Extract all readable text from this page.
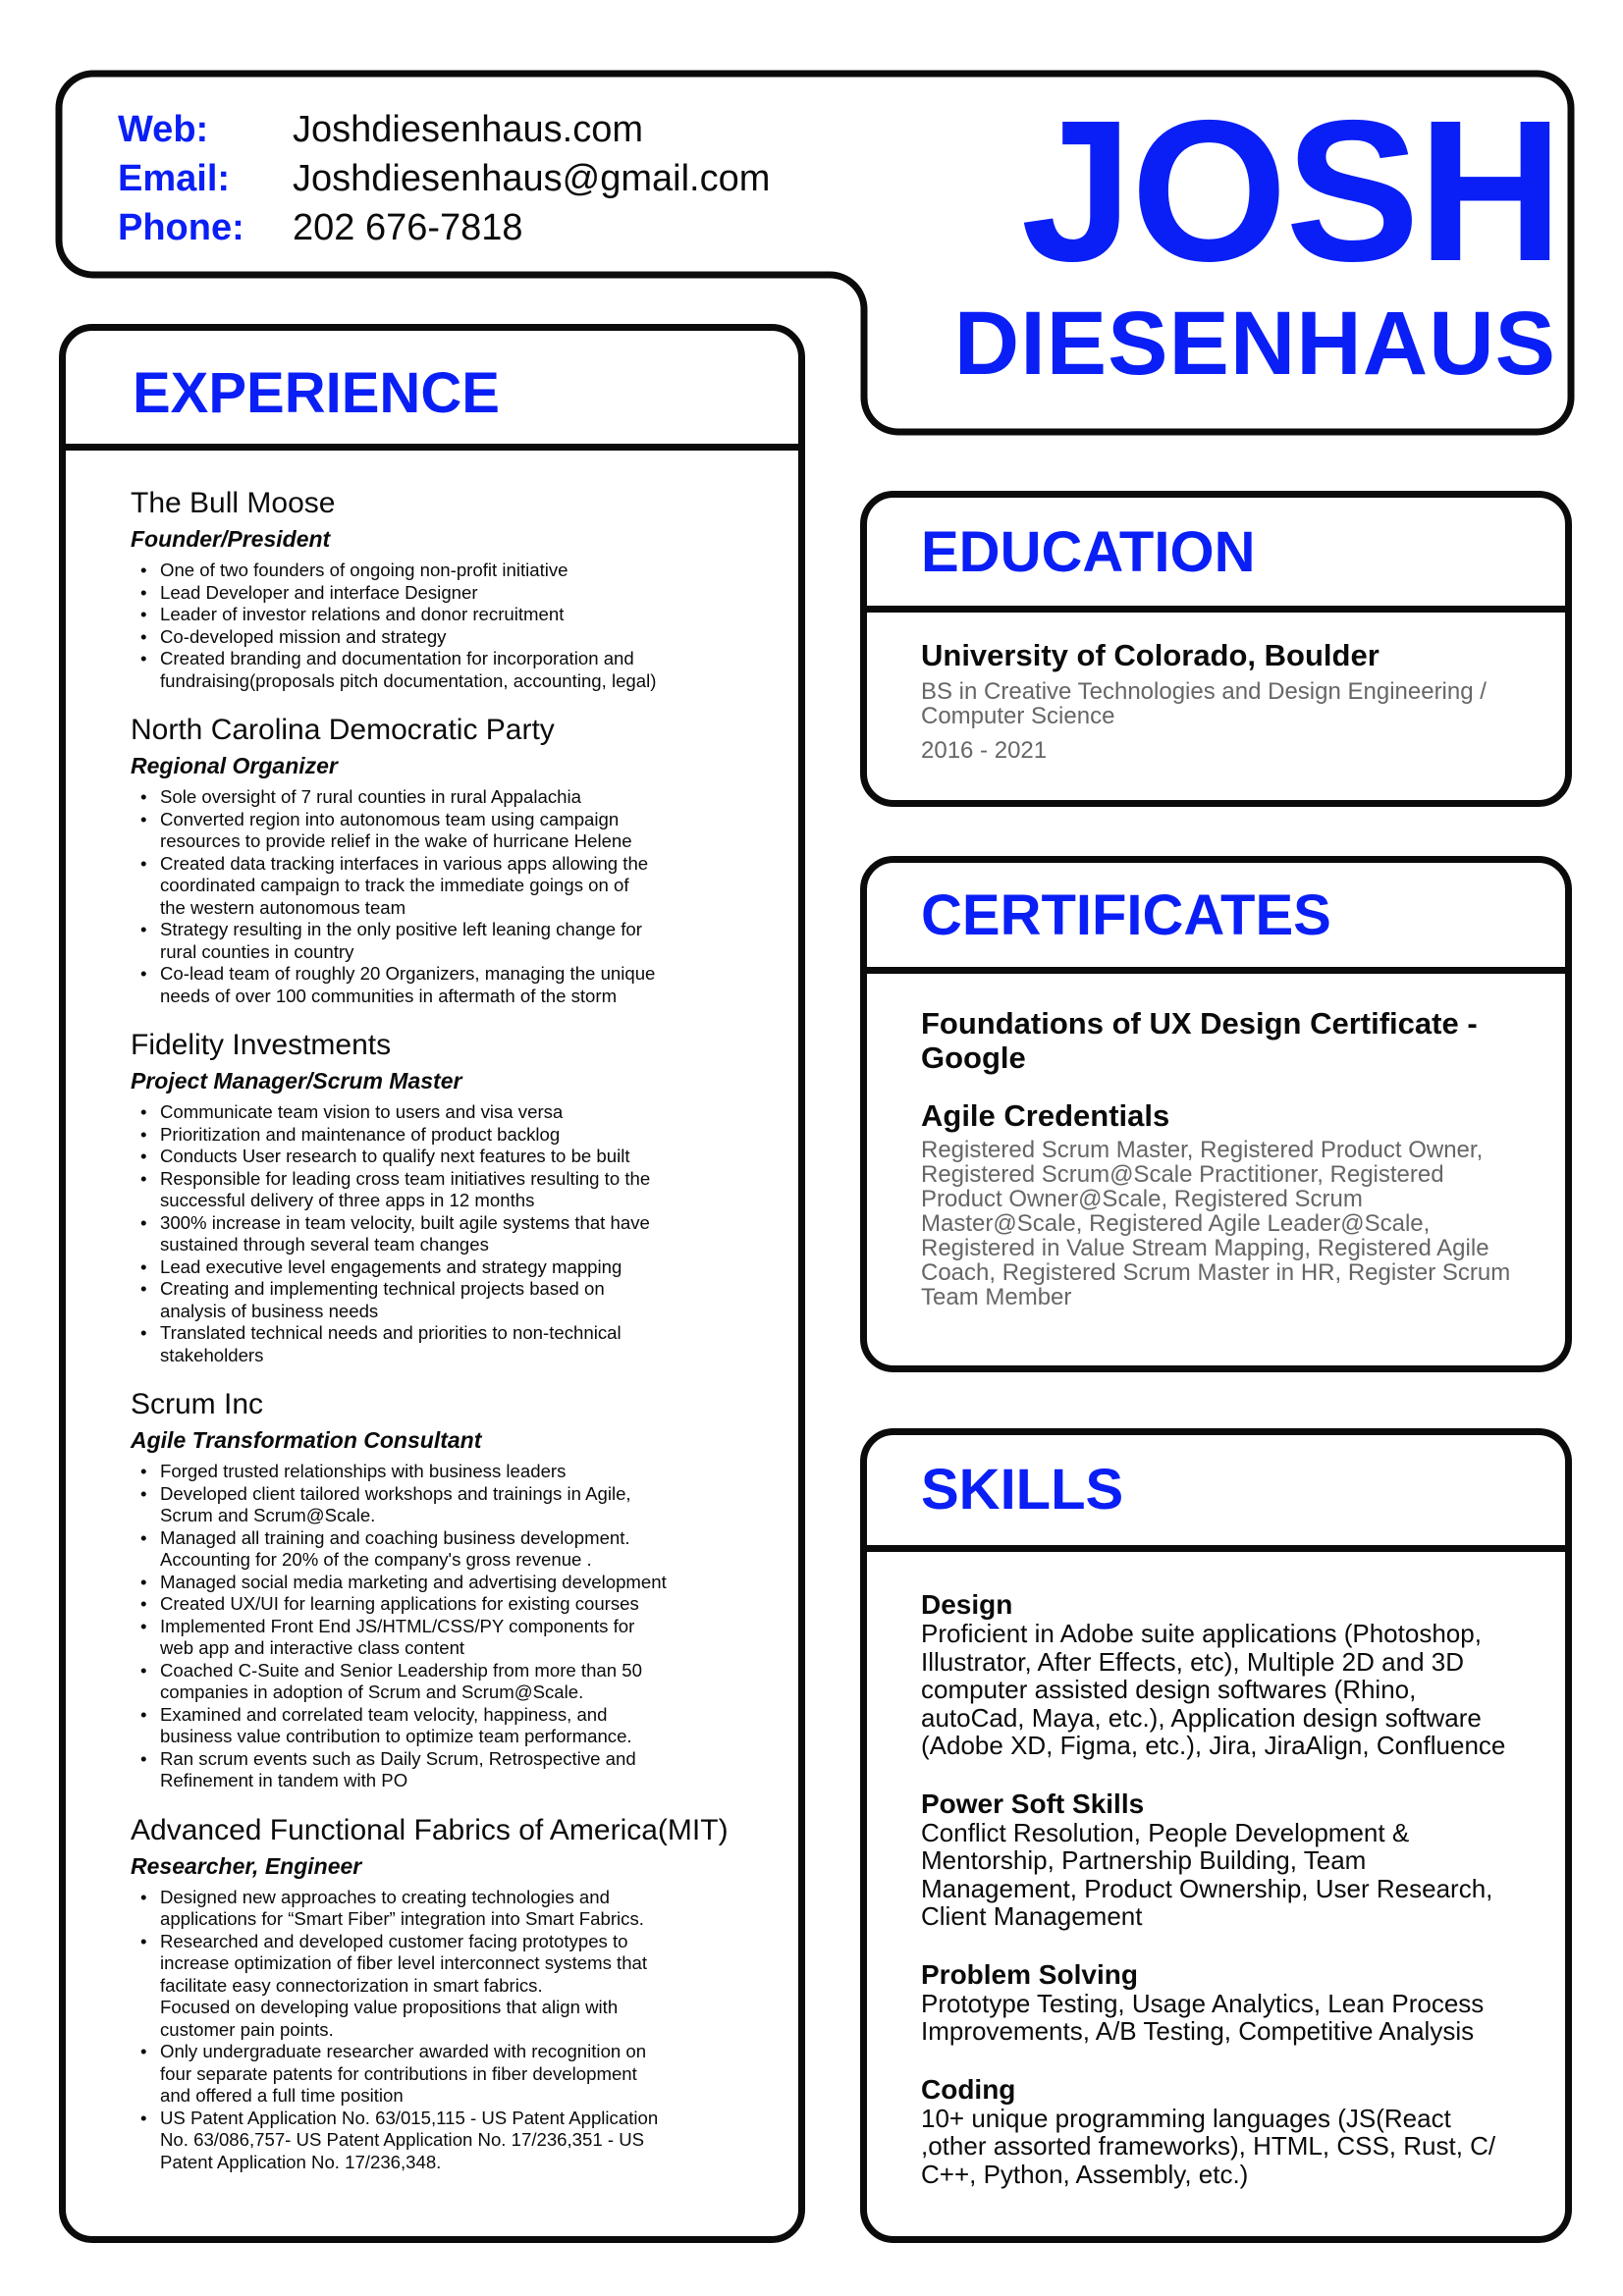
Web:	Joshdiesenhaus.com
Email:	Joshdiesenhaus@gmail.com
Phone:	202 676-7818 JOSH
DIESENHAUS
EXPERIENCE
The Bull Moose
Founder/President
• One of two founders of ongoing non-profit initiative
• Lead Developer and interface Designer
• Leader of investor relations and donor recruitment
• Co-developed mission and strategy
• Created branding and documentation for incorporation and
fundraising(proposals pitch documentation, accounting, legal)
North Carolina Democratic Party
Regional Organizer
• Sole oversight of 7 rural counties in rural Appalachia
• Converted region into autonomous team using campaign
resources to provide relief in the wake of hurricane Helene
• Created data tracking interfaces in various apps allowing the
coordinated campaign to track the immediate goings on of
the western autonomous team
• Strategy resulting in the only positive left leaning change for
rural counties in country
• Co-lead team of roughly 20 Organizers, managing the unique
needs of over 100 communities in aftermath of the storm
Fidelity Investments
Project Manager/Scrum Master
• Communicate team vision to users and visa versa
• Prioritization and maintenance of product backlog
• Conducts User research to qualify next features to be built
• Responsible for leading cross team initiatives resulting to the
successful delivery of three apps in 12 months
• 300% increase in team velocity, built agile systems that have
sustained through several team changes
• Lead executive level engagements and strategy mapping
• Creating and implementing technical projects based on
analysis of business needs
• Translated technical needs and priorities to non-technical
stakeholders
Scrum Inc
Agile Transformation Consultant
• Forged trusted relationships with business leaders
• Developed client tailored workshops and trainings in Agile,
Scrum and Scrum@Scale.
• Managed all training and coaching business development.
Accounting for 20% of the company's gross revenue .
• Managed social media marketing and advertising development
• Created UX/UI for learning applications for existing courses
• Implemented Front End JS/HTML/CSS/PY components for
web app and interactive class content
• Coached C-Suite and Senior Leadership from more than 50
companies in adoption of Scrum and Scrum@Scale.
• Examined and correlated team velocity, happiness, and
business value contribution to optimize team performance.
• Ran scrum events such as Daily Scrum, Retrospective and
Refinement in tandem with PO
Advanced Functional Fabrics of America(MIT)
Researcher, Engineer
• Designed new approaches to creating technologies and
applications for “Smart Fiber” integration into Smart Fabrics.
• Researched and developed customer facing prototypes to
increase optimization of fiber level interconnect systems that
facilitate easy connectorization in smart fabrics.
Focused on developing value propositions that align with
customer pain points.
• Only undergraduate researcher awarded with recognition on
four separate patents for contributions in fiber development
and offered a full time position
• US Patent Application No. 63/015,115 - US Patent Application
No. 63/086,757- US Patent Application No. 17/236,351 - US
Patent Application No. 17/236,348.
EDUCATION
University of Colorado, Boulder
BS in Creative Technologies and Design Engineering /
Computer Science
2016 - 2021
CERTIFICATES
Foundations of UX Design Certificate -
Google
Agile Credentials
Registered Scrum Master, Registered Product Owner,
Registered Scrum@Scale Practitioner, Registered
Product Owner@Scale, Registered Scrum
Master@Scale, Registered Agile Leader@Scale,
Registered in Value Stream Mapping, Registered Agile
Coach, Registered Scrum Master in HR, Register Scrum
Team Member
SKILLS
Design
Proficient in Adobe suite applications (Photoshop,
Illustrator, After Effects, etc), Multiple 2D and 3D
computer assisted design softwares (Rhino,
autoCad, Maya, etc.), Application design software
(Adobe XD, Figma, etc.), Jira, JiraAlign, Confluence
Power Soft Skills
Conflict Resolution, People Development &
Mentorship, Partnership Building, Team
Management, Product Ownership, User Research,
Client Management
Problem Solving
Prototype Testing, Usage Analytics, Lean Process
Improvements, A/B Testing, Competitive Analysis
Coding
10+ unique programming languages (JS(React
,other assorted frameworks), HTML, CSS, Rust, C/
C++, Python, Assembly, etc.)
